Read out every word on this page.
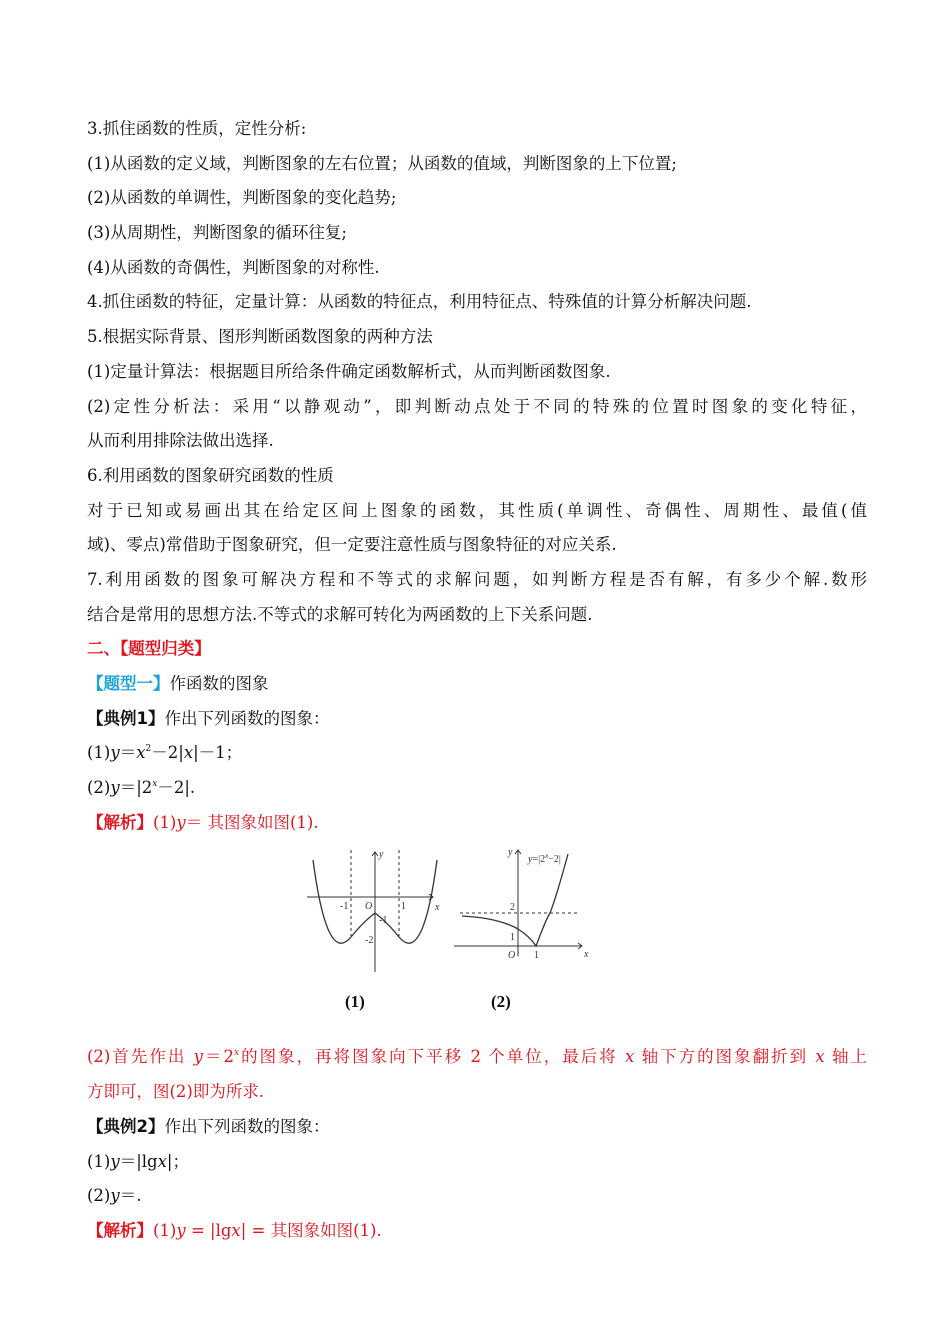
3.抓住函数的性质，定性分析:
(1)从函数的定义域，判断图象的左右位置；从函数的值域，判断图象的上下位置;
(2)从函数的单调性，判断图象的变化趋势;
(3)从周期性，判断图象的循环往复;
(4)从函数的奇偶性，判断图象的对称性.
4.抓住函数的特征，定量计算：从函数的特征点，利用特征点、特殊值的计算分析解决问题.
5.根据实际背景、图形判断函数图象的两种方法
(1)定量计算法：根据题目所给条件确定函数解析式，从而判断函数图象.
(2)定性分析法：采用“以静观动”，即判断动点处于不同的特殊的位置时图象的变化特征，
从而利用排除法做出选择.
6.利用函数的图象研究函数的性质
对于已知或易画出其在给定区间上图象的函数，其性质(单调性、奇偶性、周期性、最值(值
域)、零点)常借助于图象研究，但一定要注意性质与图象特征的对应关系.
7.利用函数的图象可解决方程和不等式的求解问题，如判断方程是否有解，有多少个解.数形
结合是常用的思想方法.不等式的求解可转化为两函数的上下关系问题.
二、【题型归类】
【题型一】作函数的图象
【典例1】作出下列函数的图象：
$(1)y=x^2-2|x|-1$；
$(2)y=|2^x-2|$.
【解析】(1)y＝ 其图象如图(1).
x
y
O
-1	1
-1
-2
$y=|2^x-2|$
x
y
O
2
1
1
(1)	(2)
(2)首先作出 $y=2^x$的图象，再将图象向下平移 2 个单位，最后将 x 轴下方的图象翻折到 x 轴上
方即可，图(2)即为所求.
【典例2】作出下列函数的图象：
(1)y＝|lgx|；
(2)y＝.
【解析】(1)y = |lgx| = 其图象如图(1).
